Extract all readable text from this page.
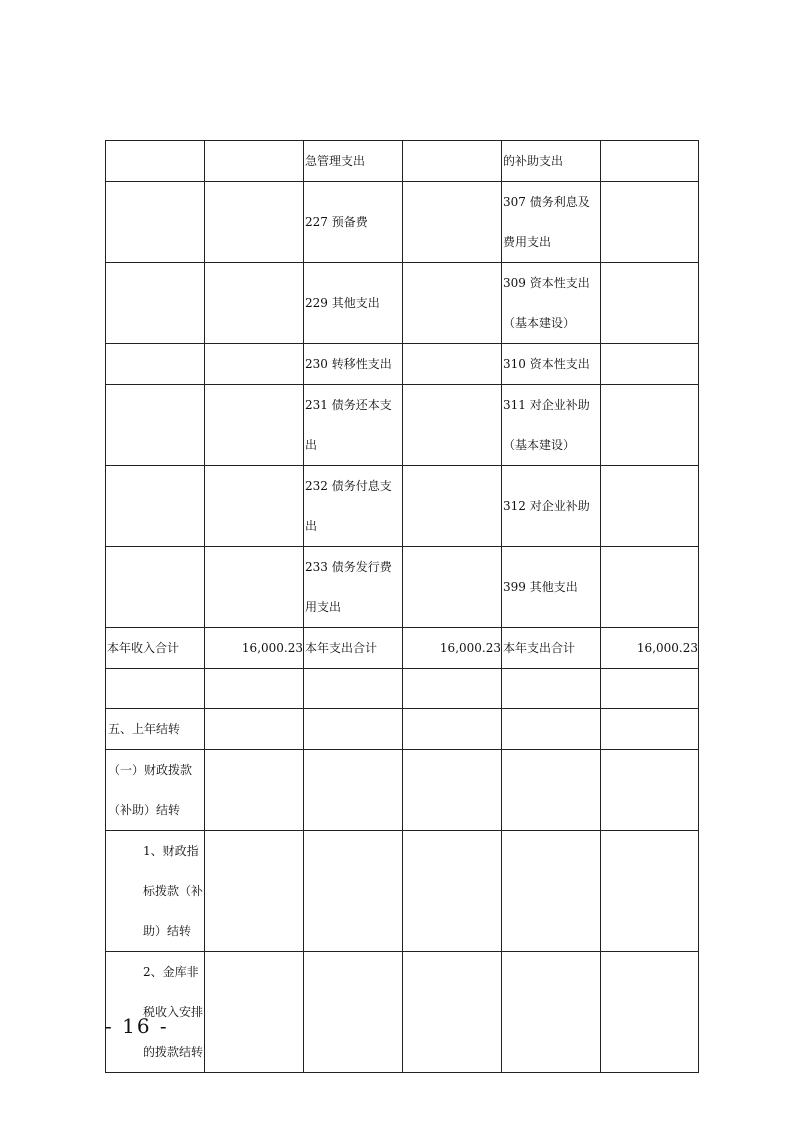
		急管理支出		的补助支出	
		227 预备费		307 债务利息及费用支出	
		229 其他支出		309 资本性支出（基本建设）	
		230 转移性支出		310 资本性支出	
		231 债务还本支出		311 对企业补助（基本建设）	
		232 债务付息支出		312 对企业补助	
		233 债务发行费用支出		399 其他支出	
本年收入合计	16,000.23	本年支出合计	16,000.23	本年支出合计	16,000.23

五、上年结转					
（一）财政拨款（补助）结转					
1、财政指标拨款（补助）结转					
2、金库非税收入安排的拨款结转					
- 16 -
